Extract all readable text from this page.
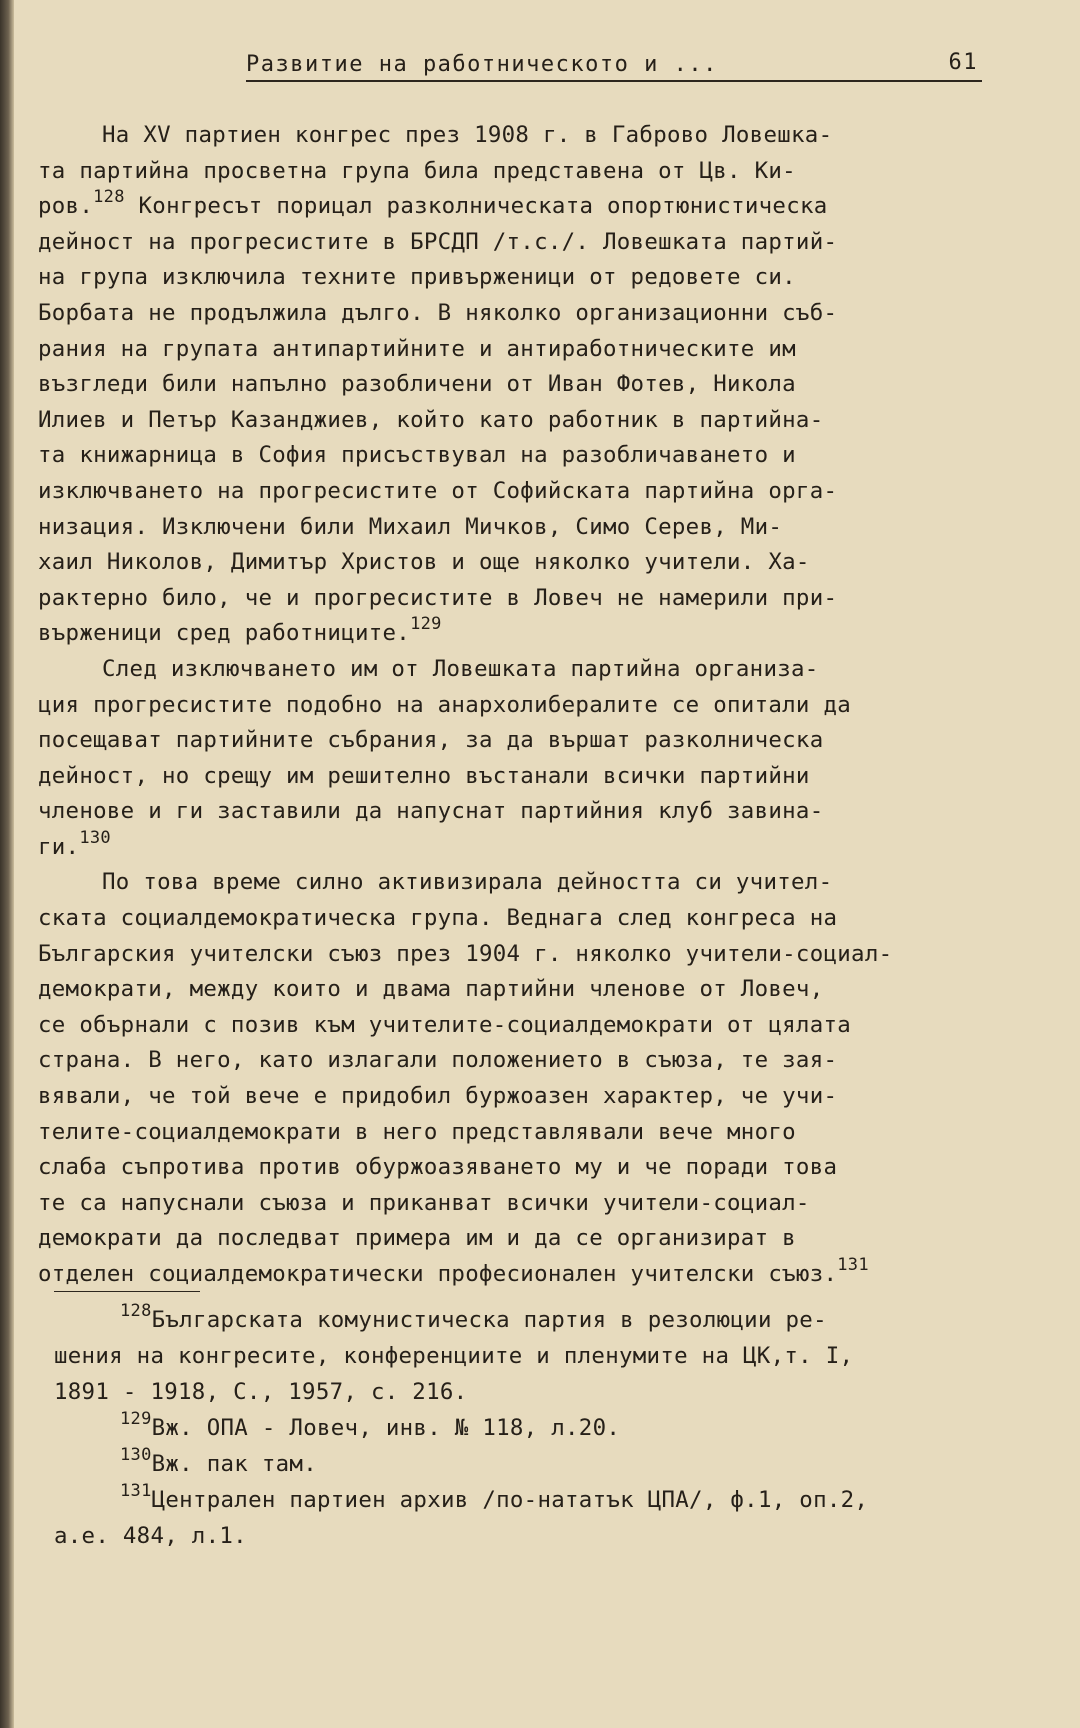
Развитие на работническото и ...	61
На XV партиен конгрес през 1908 г. в Габрово Ловешка-
та партийна просветна група била представена от Цв. Ки-
ров.$^{128}$ Конгресът порицал разколническата опортюнистическа
дейност на прогресистите в БРСДП /т.с./. Ловешката партий-
на група изключила техните привърженици от редовете си.
Борбата не продължила дълго. В няколко организационни съб-
рания на групата антипартийните и антиработническите им
възгледи били напълно разобличени от Иван Фотев, Никола
Илиев и Петър Казанджиев, който като работник в партийна-
та книжарница в София присъствувал на разобличаването и
изключването на прогресистите от Софийската партийна орга-
низация. Изключени били Михаил Мичков, Симо Серев, Ми-
хаил Николов, Димитър Христов и още няколко учители. Ха-
рактерно било, че и прогресистите в Ловеч не намерили при-
върженици сред работниците.$^{129}$
След изключването им от Ловешката партийна организа-
ция прогресистите подобно на анархолибералите се опитали да
посещават партийните събрания, за да вършат разколническа
дейност, но срещу им решително въстанали всички партийни
членове и ги заставили да напуснат партийния клуб завина-
ги.$^{130}$
По това време силно активизирала дейността си учител-
ската социалдемократическа група. Веднага след конгреса на
Българския учителски съюз през 1904 г. няколко учители-социал-
демократи, между които и двама партийни членове от Ловеч,
се обърнали с позив към учителите-социалдемократи от цялата
страна. В него, като излагали положението в съюза, те зая-
вявали, че той вече е придобил буржоазен характер, че учи-
телите-социалдемократи в него представлявали вече много
слаба съпротива против обуржоазяването му и че поради това
те са напуснали съюза и приканват всички учители-социал-
демократи да последват примера им и да се организират в
отделен социалдемократически професионален учителски съюз.$^{131}$
$^{128}$Българската комунистическа партия в резолюции ре-
шения на конгресите, конференциите и пленумите на ЦК,т. I,
1891 - 1918, С., 1957, с. 216.
$^{129}$Вж. ОПА - Ловеч, инв. № 118, л.20.
$^{130}$Вж. пак там.
$^{131}$Централен партиен архив /по-нататък ЦПА/, ф.1, оп.2,
а.е. 484, л.1.
